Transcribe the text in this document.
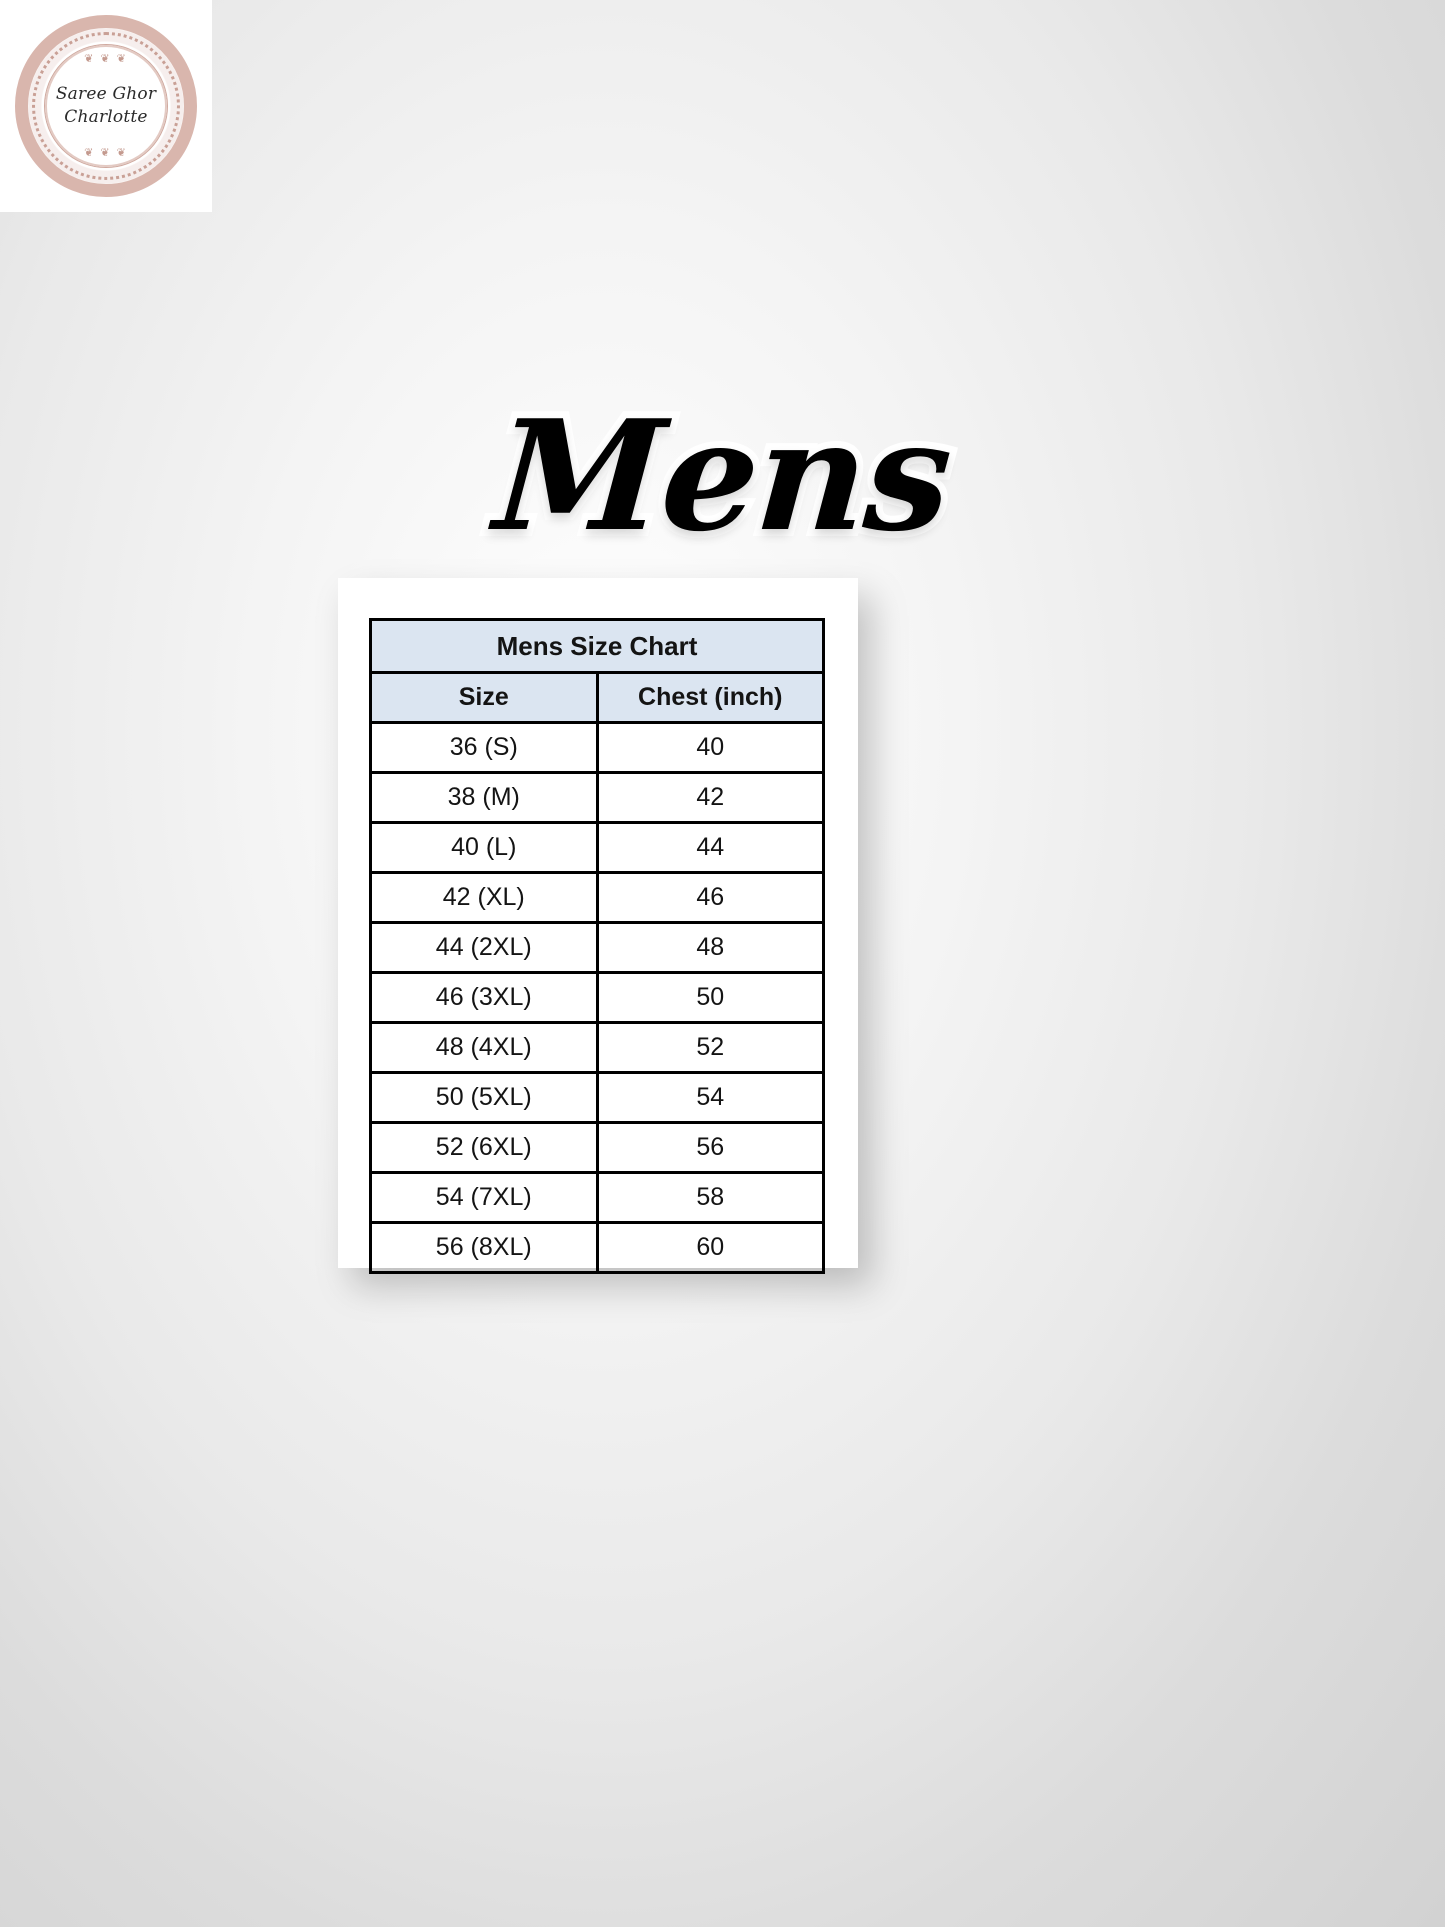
❦ ❦ ❦
❦ ❦ ❦
Saree Ghor
Charlotte
Mens
Mens Size Chart	
Size	Chest (inch)
36 (S)	40
38 (M)	42
40 (L)	44
42 (XL)	46
44 (2XL)	48
46 (3XL)	50
48 (4XL)	52
50 (5XL)	54
52 (6XL)	56
54 (7XL)	58
56 (8XL)	60
